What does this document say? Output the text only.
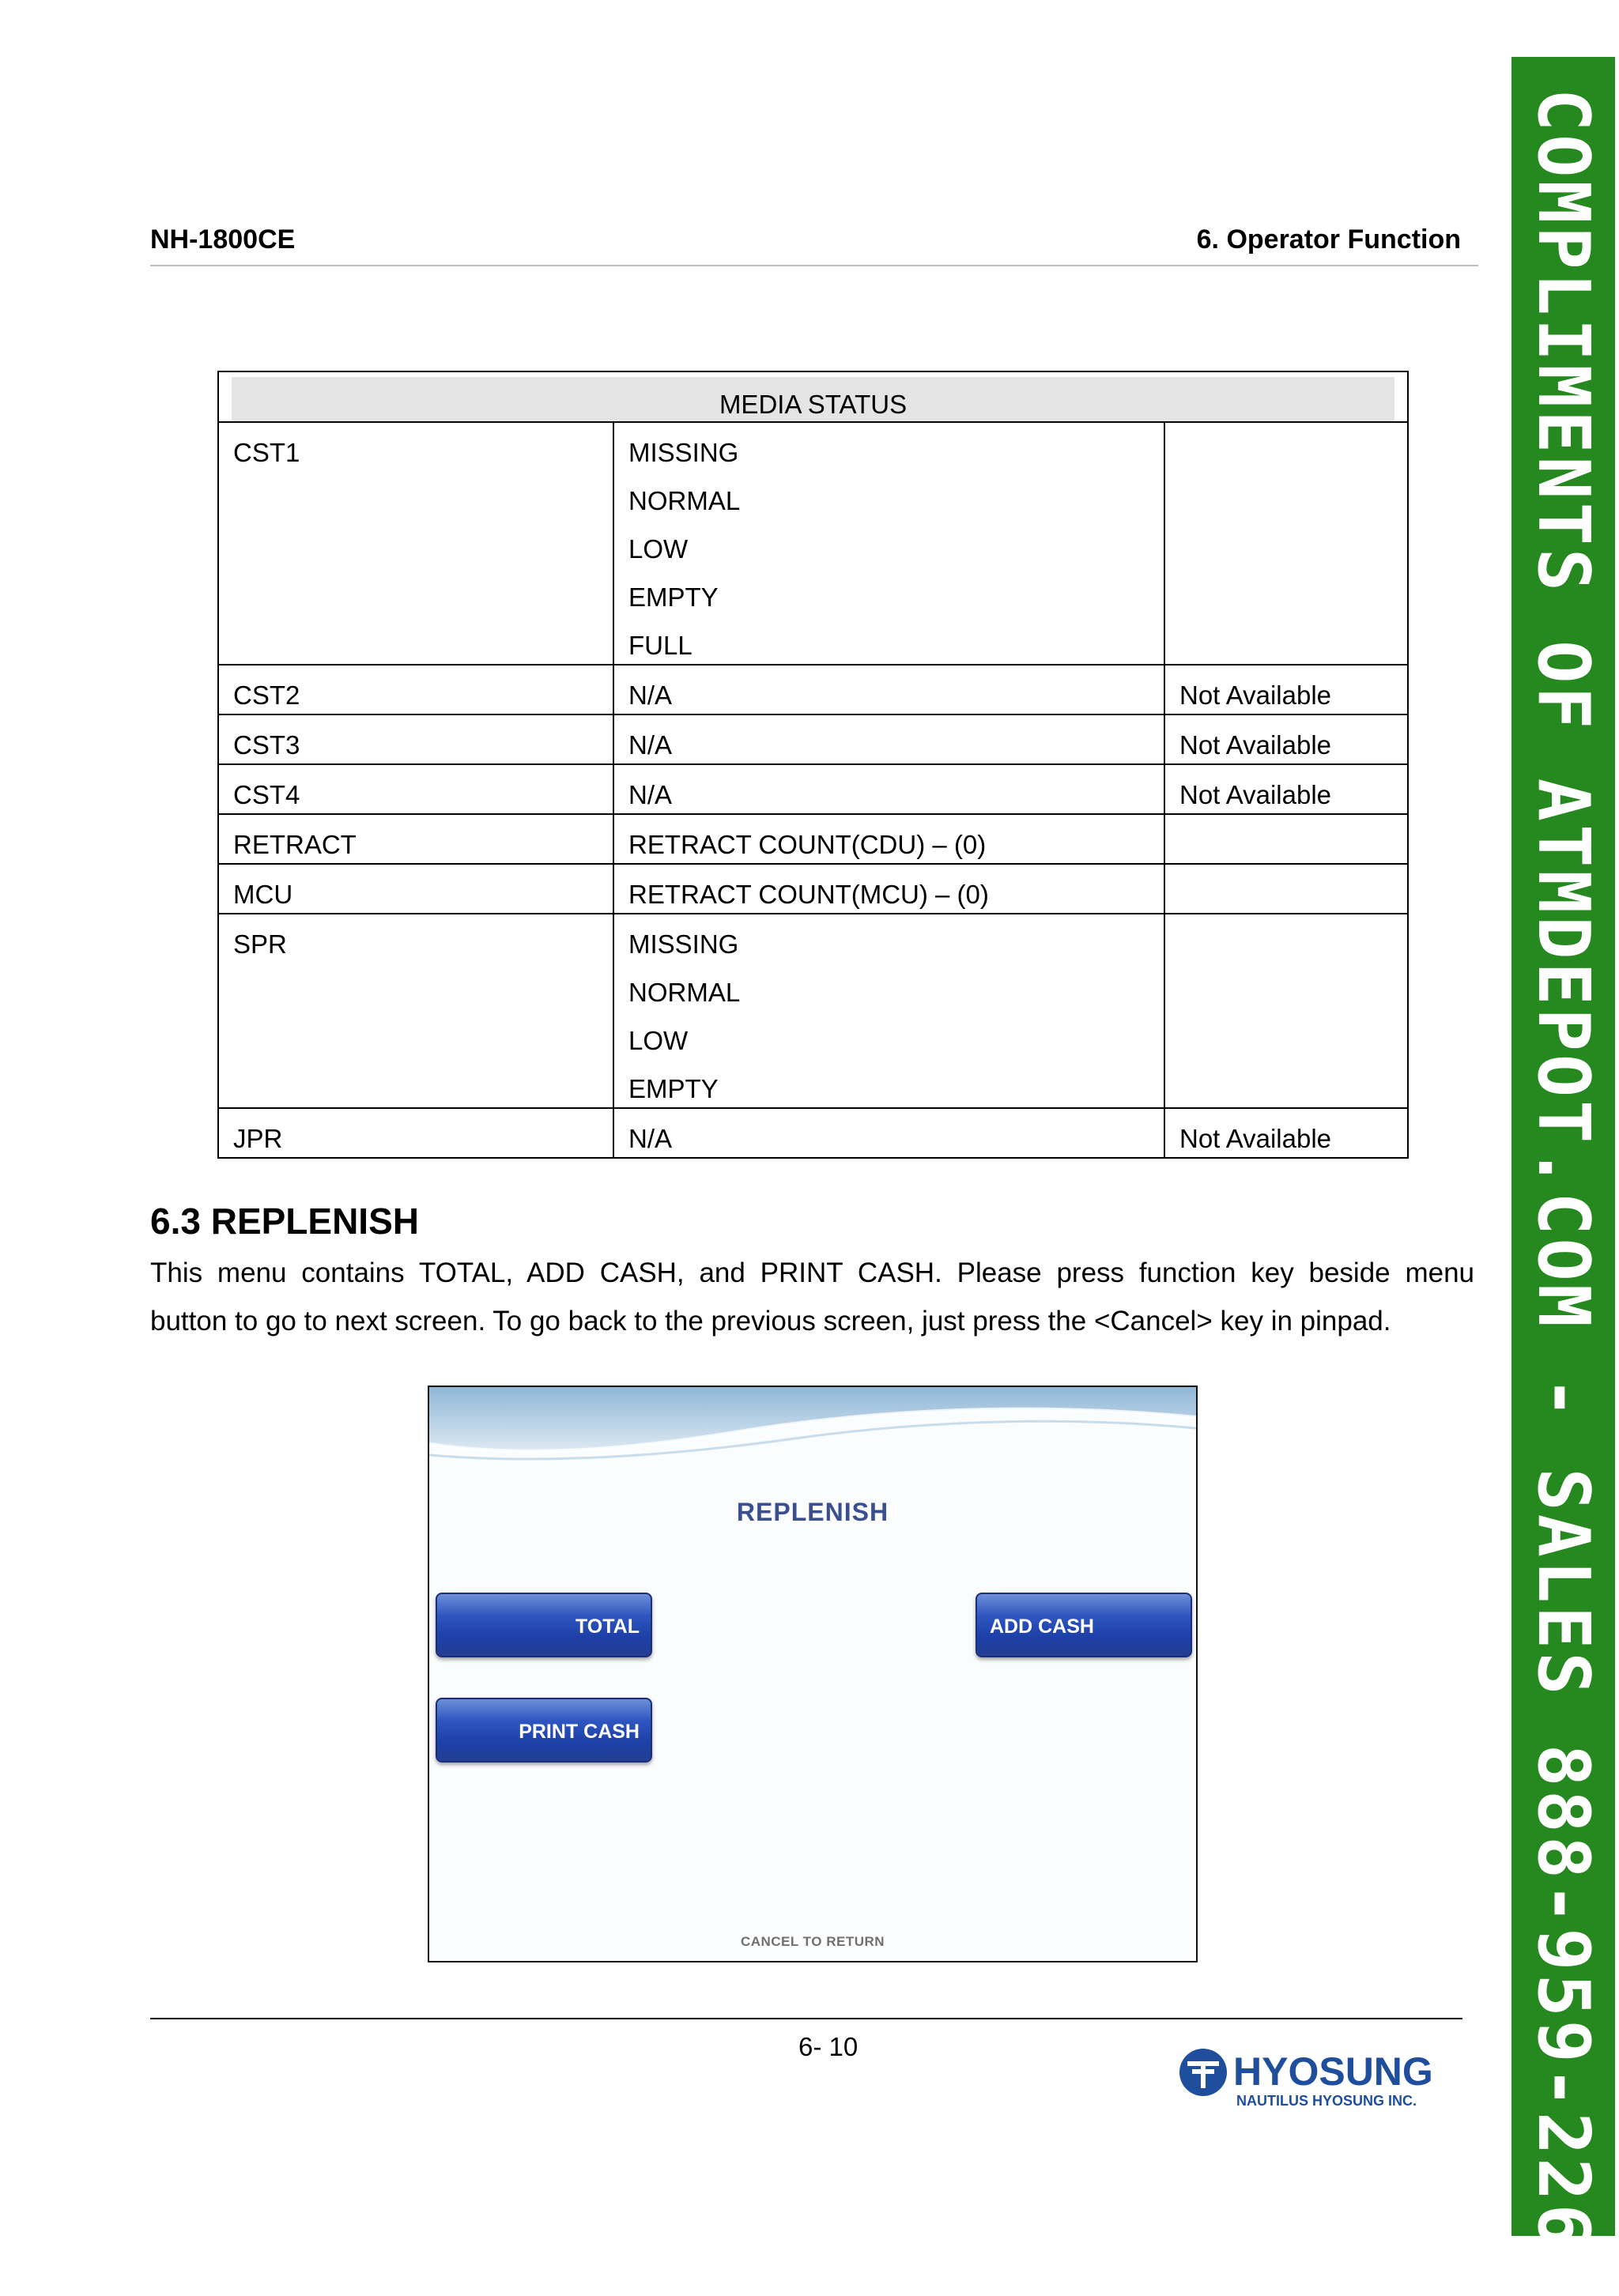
NH-1800CE	6. Operator Function
MEDIA STATUS		

CST1	MISSING
NORMAL
LOW
EMPTY
FULL	

CST2	N/A	Not Available

CST3	N/A	Not Available

CST4	N/A	Not Available

RETRACT	RETRACT COUNT(CDU) – (0)	

MCU	RETRACT COUNT(MCU) – (0)	

SPR	MISSING
NORMAL
LOW
EMPTY	

JPR	N/A	Not Available
6.3 REPLENISH

This menu contains TOTAL, ADD CASH, and PRINT CASH. Please press function key beside menu

button to go to next screen. To go back to the previous screen, just press the <Cancel> key in pinpad.

REPLENISH
TOTAL
PRINT CASH
ADD CASH
CANCEL TO RETURN
6- 10
HYOSUNG
NAUTILUS HYOSUNG INC. COMPLIMENTS OF ATMDEPOT.COM - SALES 888-959-2269
